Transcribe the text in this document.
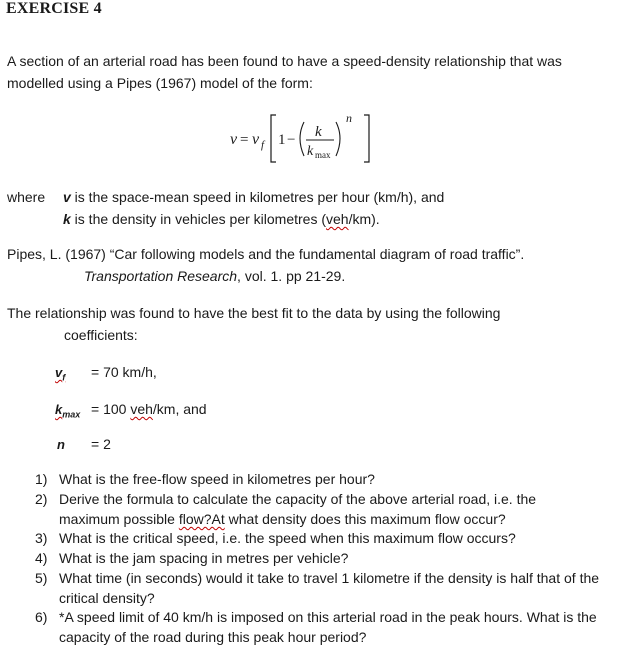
EXERCISE 4
A section of an arterial road has been found to have a speed-density relationship that was
modelled using a Pipes (1967) model of the form:
v = v f 1 − k
k max
n
where v is the space-mean speed in kilometres per hour (km/h), and
k is the density in vehicles per kilometres (veh/km).
Pipes, L. (1967) “Car following models and the fundamental diagram of road traffic”.
Transportation Research, vol. 1. pp 21-29.
The relationship was found to have the best fit to the data by using the following
coefficients:
$v_f = 70$ km/h,
$k_{max} = 100$ veh/km, and
n = 2
1) What is the free-flow speed in kilometres per hour?
2) Derive the formula to calculate the capacity of the above arterial road, i.e. the maximum possible flow?At what density does this maximum flow occur?
3) What is the critical speed, i.e. the speed when this maximum flow occurs?
4) What is the jam spacing in metres per vehicle?
5) What time (in seconds) would it take to travel 1 kilometre if the density is half that of the critical density?
6) *A speed limit of 40 km/h is imposed on this arterial road in the peak hours. What is the capacity of the road during this peak hour period?
